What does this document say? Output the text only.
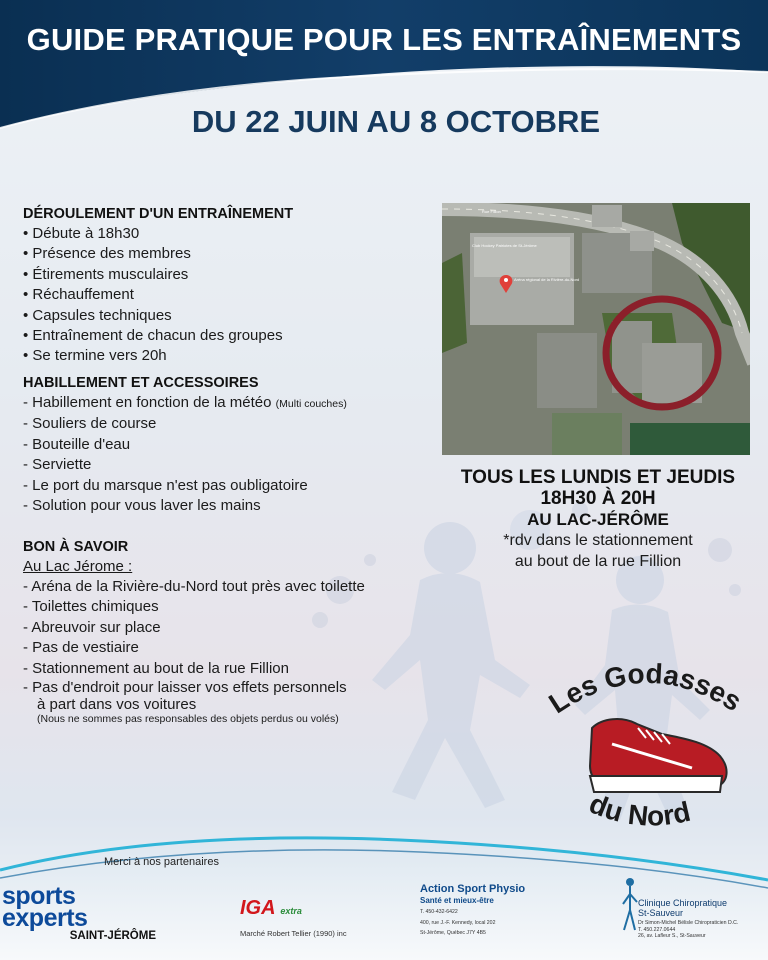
GUIDE PRATIQUE POUR LES ENTRAÎNEMENTS
DU 22 JUIN AU 8 OCTOBRE
DÉROULEMENT D'UN ENTRAÎNEMENT
• Débute à 18h30
• Présence des membres
• Étirements musculaires
• Réchauffement
• Capsules techniques
• Entraînement de chacun des groupes
• Se termine vers 20h
HABILLEMENT ET ACCESSOIRES
- Habillement en fonction de la météo (Multi couches)
- Souliers de course
- Bouteille d'eau
- Serviette
- Le port du marsque n'est pas oubligatoire
- Solution pour vous laver les mains
BON À SAVOIR
Au Lac Jérome :
- Aréna de la Rivière-du-Nord tout près avec toilette
- Toilettes chimiques
- Abreuvoir sur place
- Pas de vestiaire
- Stationnement au bout de la rue Fillion
- Pas d'endroit pour laisser vos effets personnels à part dans vos voitures
(Nous ne sommes pas responsables des objets perdus ou volés)
Rue Fillion
Club Hockey Patriotes de St-Jérôme
Aréna régional de la Rivière-du-Nord
TOUS LES LUNDIS ET JEUDIS
18H30 À 20H
AU LAC-JÉRÔME
*rdv dans le stationnement
au bout de la rue Fillion
Les Godasses
du Nord
Merci à nos partenaires
sports
experts
SAINT-JÉRÔME
IGA extra
Marché Robert Tellier (1990) inc
Action Sport Physio
Santé et mieux-être
T. 450-432-6422
400, rue J.-F. Kennedy, local 202
St-Jérôme, Québec J7Y 4B5
Clinique Chiropratique
St-Sauveur
Dr Simon-Michel Bélisle Chiropraticien D.C.
T. 450.227.0644
26, av. Lafleur S., St-Sauveur
